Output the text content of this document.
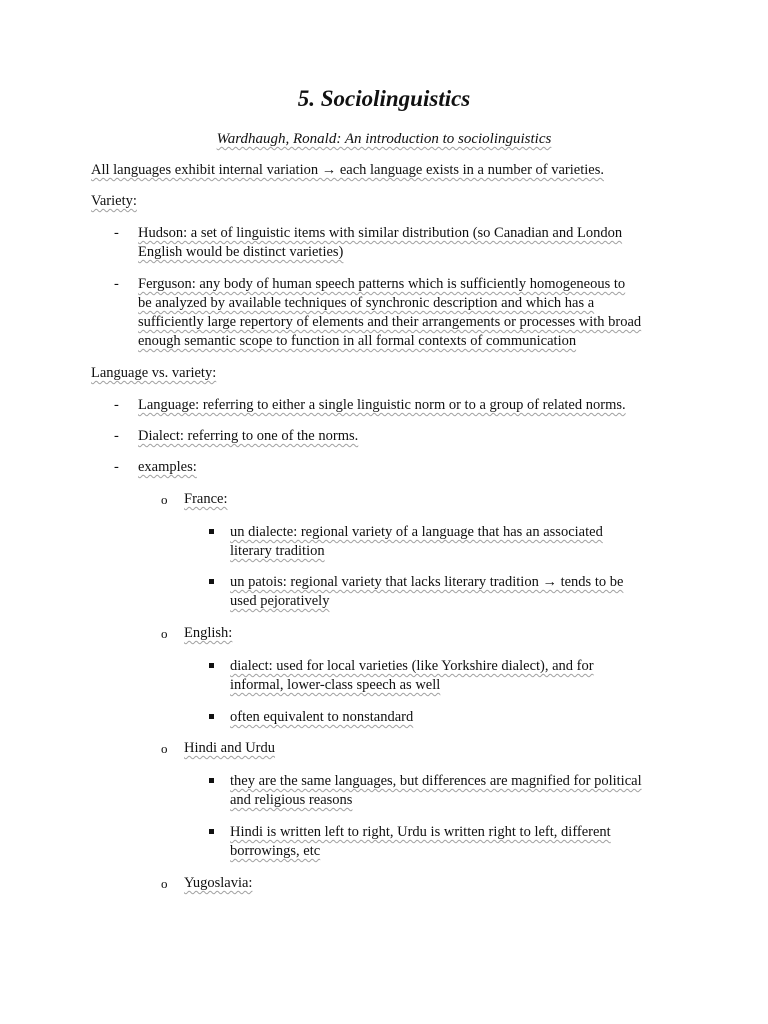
5. Sociolinguistics
Wardhaugh, Ronald: An introduction to sociolinguistics
All languages exhibit internal variation → each language exists in a number of varieties.
Variety:
- Hudson: a set of linguistic items with similar distribution (so Canadian and London
English would be distinct varieties)
- Ferguson: any body of human speech patterns which is sufficiently homogeneous to
be analyzed by available techniques of synchronic description and which has a
sufficiently large repertory of elements and their arrangements or processes with broad
enough semantic scope to function in all formal contexts of communication
Language vs. variety:
- Language: referring to either a single linguistic norm or to a group of related norms.
- Dialect: referring to one of the norms.
- examples:
o France:
un dialecte: regional variety of a language that has an associated
literary tradition
un patois: regional variety that lacks literary tradition → tends to be
used pejoratively
o English:
dialect: used for local varieties (like Yorkshire dialect), and for
informal, lower-class speech as well
often equivalent to nonstandard
o Hindi and Urdu
they are the same languages, but differences are magnified for political
and religious reasons
Hindi is written left to right, Urdu is written right to left, different
borrowings, etc
o Yugoslavia:
